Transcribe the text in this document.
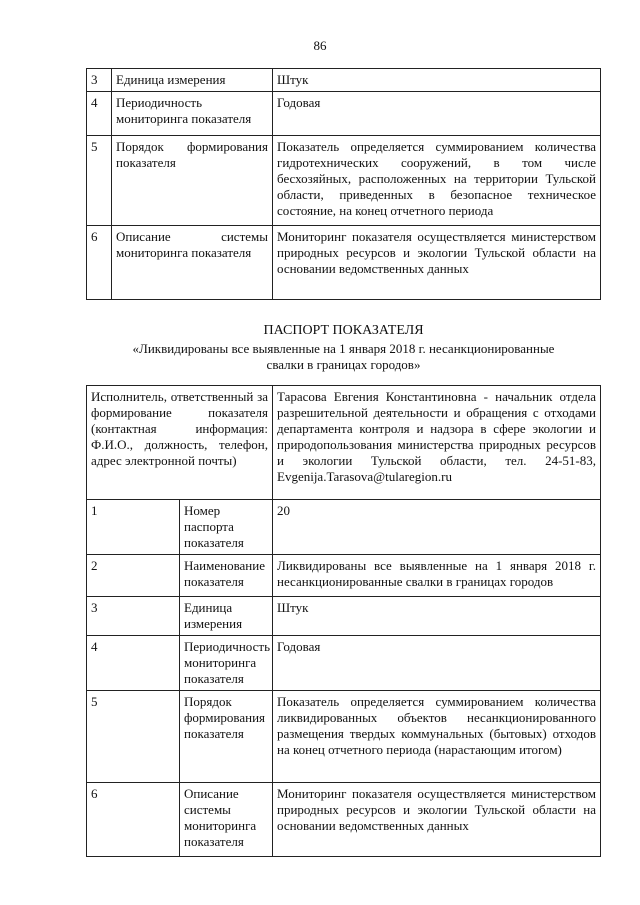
86
3	Единица измерения	Штук
4	Периодичность мониторинга показателя	Годовая
5	Порядок формирования показателя	Показатель определяется суммированием количества гидротехнических сооружений, в том числе бесхозяйных, расположенных на территории Тульской области, приведенных в безопасное техническое состояние, на конец отчетного периода
6	Описание системы мониторинга показателя	Мониторинг показателя осуществляется министерством природных ресурсов и экологии Тульской области на основании ведомственных данных
ПАСПОРТ ПОКАЗАТЕЛЯ
«Ликвидированы все выявленные на 1 января 2018 г. несанкционированные
свалки в границах городов»
Исполнитель, ответственный за формирование показателя (контактная информация: Ф.И.О., должность, телефон, адрес электронной почты)		Тарасова Евгения Константиновна - начальник отдела разрешительной деятельности и обращения с отходами департамента контроля и надзора в сфере экологии и природопользования министерства природных ресурсов и экологии Тульской области, тел. 24-51-83, Evgenija.Tarasova@tularegion.ru
1	Номер паспорта показателя	20
2	Наименование показателя	Ликвидированы все выявленные на 1 января 2018 г. несанкционированные свалки в границах городов
3	Единица измерения	Штук
4	Периодичность мониторинга показателя	Годовая
5	Порядок формирования показателя	Показатель определяется суммированием количества ликвидированных объектов несанкционированного размещения твердых коммунальных (бытовых) отходов на конец отчетного периода (нарастающим итогом)
6	Описание системы мониторинга показателя	Мониторинг показателя осуществляется министерством природных ресурсов и экологии Тульской области на основании ведомственных данных
